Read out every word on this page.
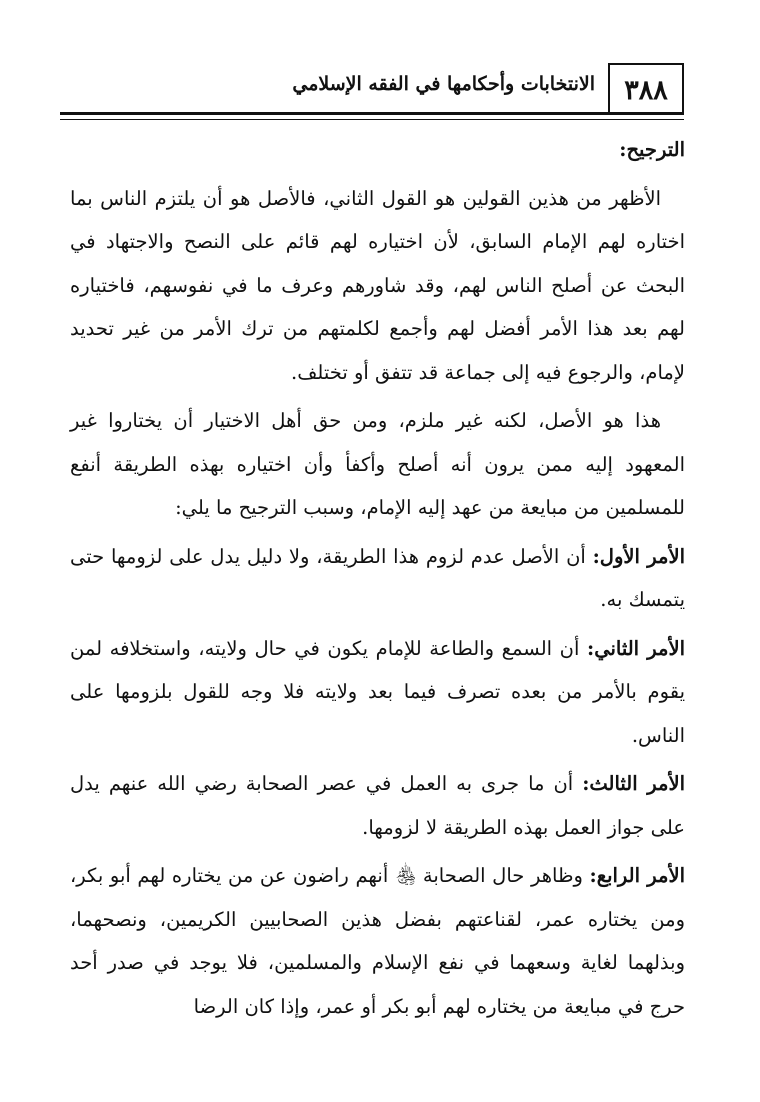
٣٨٨
الانتخابات وأحكامها في الفقه الإسلامي

الترجيح:

الأظهر من هذين القولين هو القول الثاني، فالأصل هو أن يلتزم الناس بما اختاره لهم الإمام السابق، لأن اختياره لهم قائم على النصح والاجتهاد في البحث عن أصلح الناس لهم، وقد شاورهم وعرف ما في نفوسهم، فاختياره لهم بعد هذا الأمر أفضل لهم وأجمع لكلمتهم من ترك الأمر من غير تحديد لإمام، والرجوع فيه إلى جماعة قد تتفق أو تختلف.

هذا هو الأصل، لكنه غير ملزم، ومن حق أهل الاختيار أن يختاروا غير المعهود إليه ممن يرون أنه أصلح وأكفأ وأن اختياره بهذه الطريقة أنفع للمسلمين من مبايعة من عهد إليه الإمام، وسبب الترجيح ما يلي:

الأمر الأول: أن الأصل عدم لزوم هذا الطريقة، ولا دليل يدل على لزومها حتى يتمسك به.

الأمر الثاني: أن السمع والطاعة للإمام يكون في حال ولايته، واستخلافه لمن يقوم بالأمر من بعده تصرف فيما بعد ولايته فلا وجه للقول بلزومها على الناس.

الأمر الثالث: أن ما جرى به العمل في عصر الصحابة رضي الله عنهم يدل على جواز العمل بهذه الطريقة لا لزومها.

الأمر الرابع: وظاهر حال الصحابة ﵃ أنهم راضون عن من يختاره لهم أبو بكر، ومن يختاره عمر، لقناعتهم بفضل هذين الصحابيين الكريمين، ونصحهما، وبذلهما لغاية وسعهما في نفع الإسلام والمسلمين، فلا يوجد في صدر أحد حرج في مبايعة من يختاره لهم أبو بكر أو عمر، وإذا كان الرضا
